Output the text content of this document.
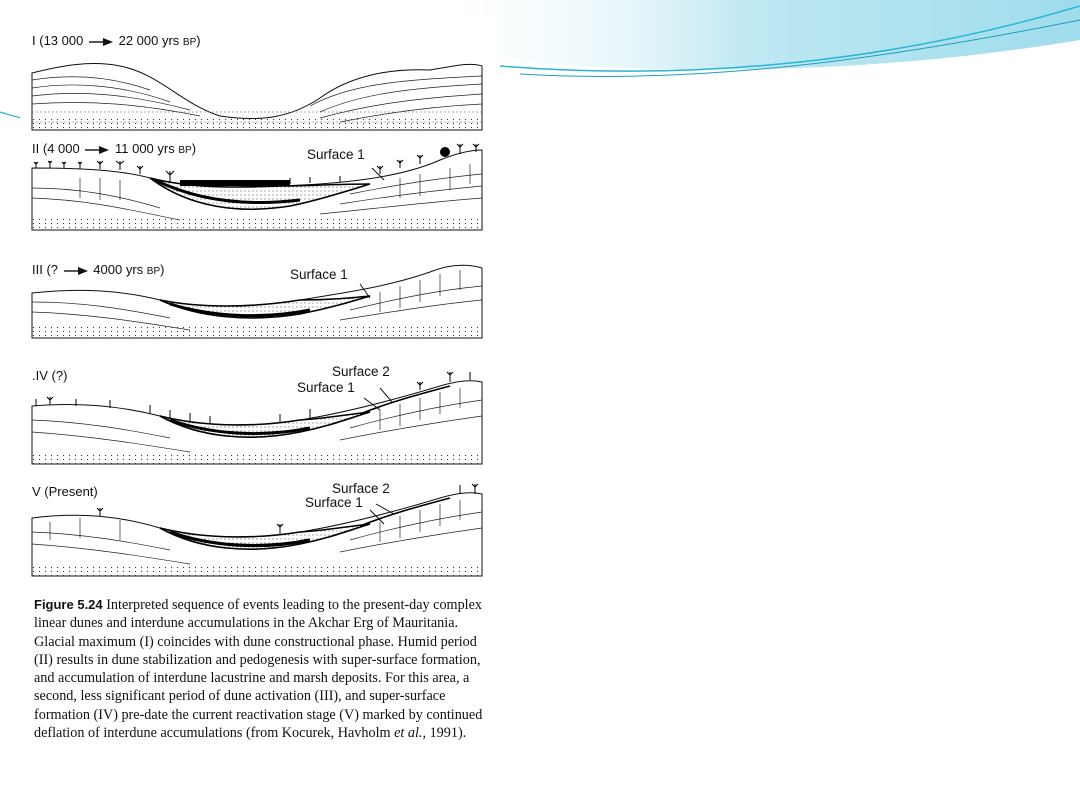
I (13 000	22 000 yrs BP)
II (4 000	11 000 yrs BP)	Surface 1
III (?	4000 yrs BP)	Surface 1
.IV (?)	Surface 2
Surface 1
V (Present)	Surface 2
Surface 1
Figure 5.24 Interpreted sequence of events leading to the present-day complex linear dunes and interdune accumulations in the Akchar Erg of Mauritania. Glacial maximum (I) coincides with dune constructional phase. Humid period (II) results in dune stabilization and pedogenesis with super-surface formation, and accumulation of interdune lacustrine and marsh deposits. For this area, a second, less significant period of dune activation (III), and super-surface formation (IV) pre-date the current reactivation stage (V) marked by continued deflation of interdune accumulations (from Kocurek, Havholm et al., 1991).
